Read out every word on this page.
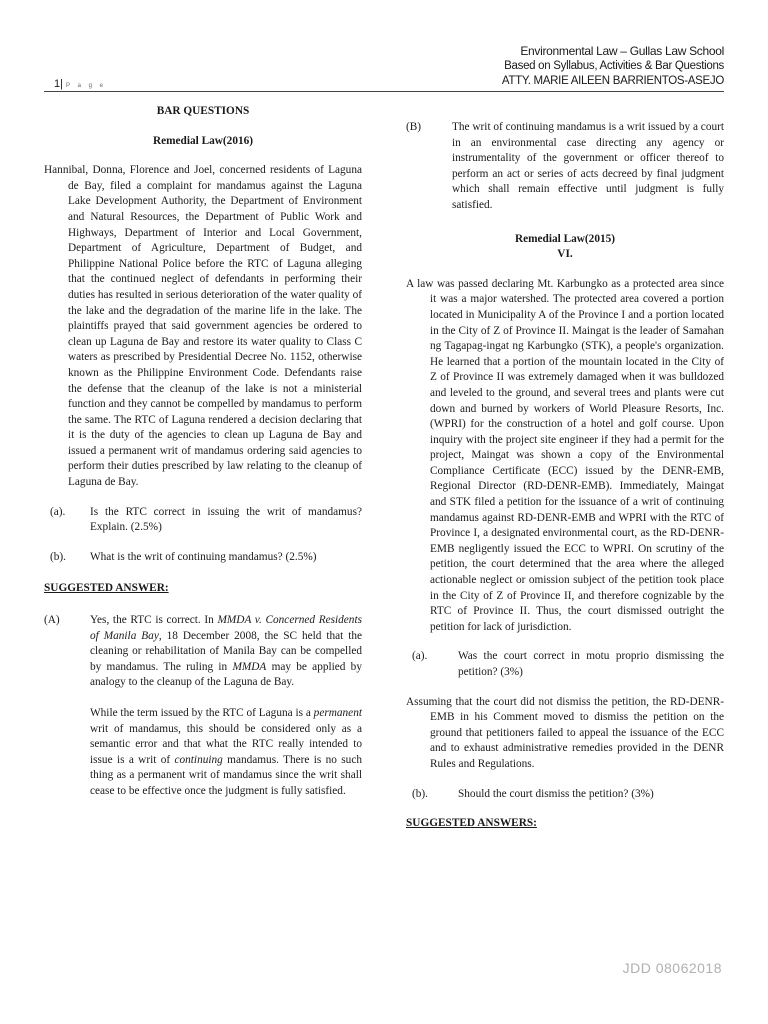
Environmental Law – Gullas Law School
Based on Syllabus, Activities & Bar Questions
ATTY. MARIE AILEEN BARRIENTOS-ASEJO
1| P a g e
BAR QUESTIONS
Remedial Law(2016)

Hannibal, Donna, Florence and Joel, concerned residents of Laguna de Bay, filed a complaint for mandamus against the Laguna Lake Development Authority, the Department of Environment and Natural Resources, the Department of Public Work and Highways, Department of Interior and Local Government, Department of Agriculture, Department of Budget, and Philippine National Police before the RTC of Laguna alleging that the continued neglect of defendants in performing their duties has resulted in serious deterioration of the water quality of the lake and the degradation of the marine life in the lake. The plaintiffs prayed that said government agencies be ordered to clean up Laguna de Bay and restore its water quality to Class C waters as prescribed by Presidential Decree No. 1152, otherwise known as the Philippine Environment Code. Defendants raise the defense that the cleanup of the lake is not a ministerial function and they cannot be compelled by mandamus to perform the same. The RTC of Laguna rendered a decision declaring that it is the duty of the agencies to clean up Laguna de Bay and issued a permanent writ of mandamus ordering said agencies to perform their duties prescribed by law relating to the cleanup of Laguna de Bay.

(a).	Is the RTC correct in issuing the writ of mandamus? Explain. (2.5%)
(b).	What is the writ of continuing mandamus? (2.5%)
SUGGESTED ANSWER:
(A)	Yes, the RTC is correct. In MMDA v. Concerned Residents of Manila Bay, 18 December 2008, the SC held that the cleaning or rehabilitation of Manila Bay can be compelled by mandamus. The ruling in MMDA may be applied by analogy to the cleanup of the Laguna de Bay.

While the term issued by the RTC of Laguna is a permanent writ of mandamus, this should be considered only as a semantic error and that what the RTC really intended to issue is a writ of continuing mandamus. There is no such thing as a permanent writ of mandamus since the writ shall cease to be effective once the judgment is fully satisfied.

(B)	The writ of continuing mandamus is a writ issued by a court in an environmental case directing any agency or instrumentality of the government or officer thereof to perform an act or series of acts decreed by final judgment which shall remain effective until judgment is fully satisfied.
Remedial Law(2015)
VI.

A law was passed declaring Mt. Karbungko as a protected area since it was a major watershed. The protected area covered a portion located in Municipality A of the Province I and a portion located in the City of Z of Province II. Maingat is the leader of Samahan ng Tagapag-ingat ng Karbungko (STK), a people's organization. He learned that a portion of the mountain located in the City of Z of Province II was extremely damaged when it was bulldozed and leveled to the ground, and several trees and plants were cut down and burned by workers of World Pleasure Resorts, Inc. (WPRI) for the construction of a hotel and golf course. Upon inquiry with the project site engineer if they had a permit for the project, Maingat was shown a copy of the Environmental Compliance Certificate (ECC) issued by the DENR-EMB, Regional Director (RD-DENR-EMB). Immediately, Maingat and STK filed a petition for the issuance of a writ of continuing mandamus against RD-DENR-EMB and WPRI with the RTC of Province I, a designated environmental court, as the RD-DENR-EMB negligently issued the ECC to WPRI. On scrutiny of the petition, the court determined that the area where the alleged actionable neglect or omission subject of the petition took place in the City of Z of Province II, and therefore cognizable by the RTC of Province II. Thus, the court dismissed outright the petition for lack of jurisdiction.

(a).	Was the court correct in motu proprio dismissing the petition? (3%)

Assuming that the court did not dismiss the petition, the RD-DENR-EMB in his Comment moved to dismiss the petition on the ground that petitioners failed to appeal the issuance of the ECC and to exhaust administrative remedies provided in the DENR Rules and Regulations.

(b).	Should the court dismiss the petition? (3%)
SUGGESTED ANSWERS:
JDD 08062018
